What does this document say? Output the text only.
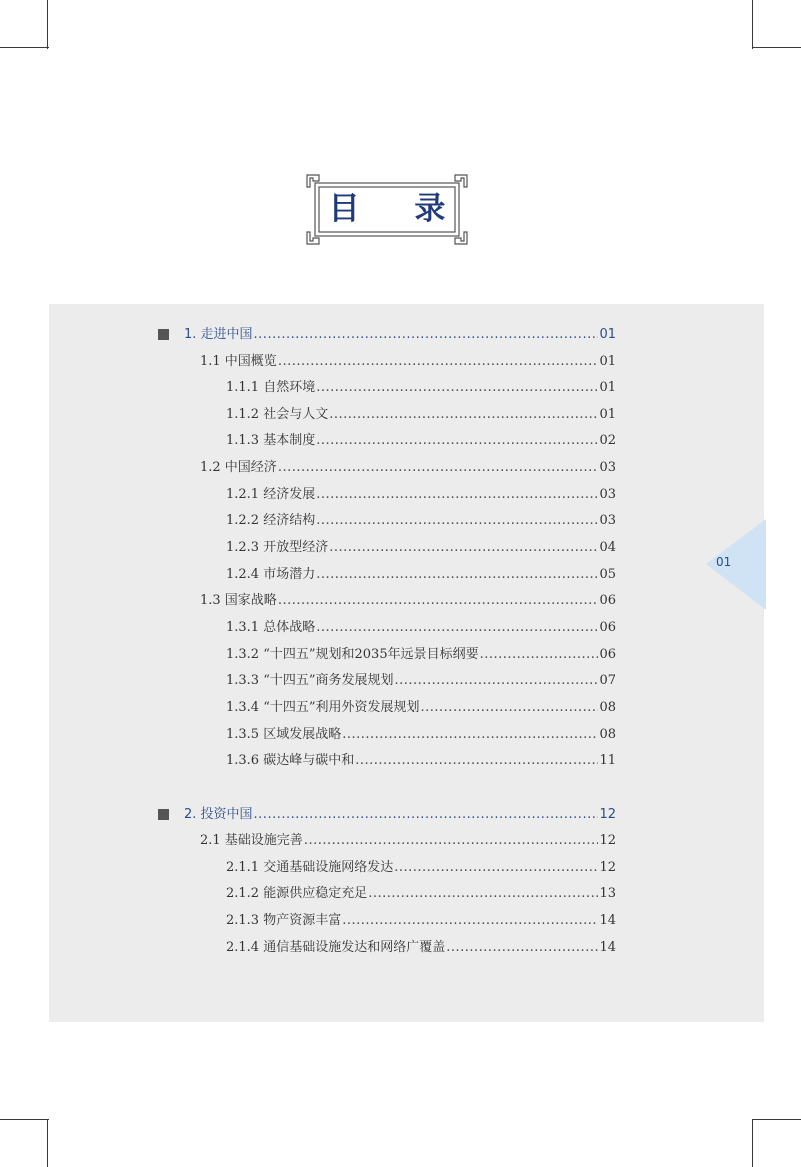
目 录
01
1. 走进中国 .....	01
1.1 中国概览 .....	01
1.1.1 自然环境 .....	01
1.1.2 社会与人文 .....	01
1.1.3 基本制度 .....	02
1.2 中国经济 .....	03
1.2.1 经济发展 .....	03
1.2.2 经济结构 .....	03
1.2.3 开放型经济 .....	04
1.2.4 市场潜力 .....	05
1.3 国家战略 .....	06
1.3.1 总体战略 .....	06
1.3.2 “十四五”规划和2035年远景目标纲要 .....	06
1.3.3 “十四五”商务发展规划 .....	07
1.3.4 “十四五”利用外资发展规划 .....	08
1.3.5 区域发展战略 .....	08
1.3.6 碳达峰与碳中和 .....	11
2. 投资中国 .....	12
2.1 基础设施完善 .....	12
2.1.1 交通基础设施网络发达 .....	12
2.1.2 能源供应稳定充足 .....	13
2.1.3 物产资源丰富 .....	14
2.1.4 通信基础设施发达和网络广覆盖 .....	14
